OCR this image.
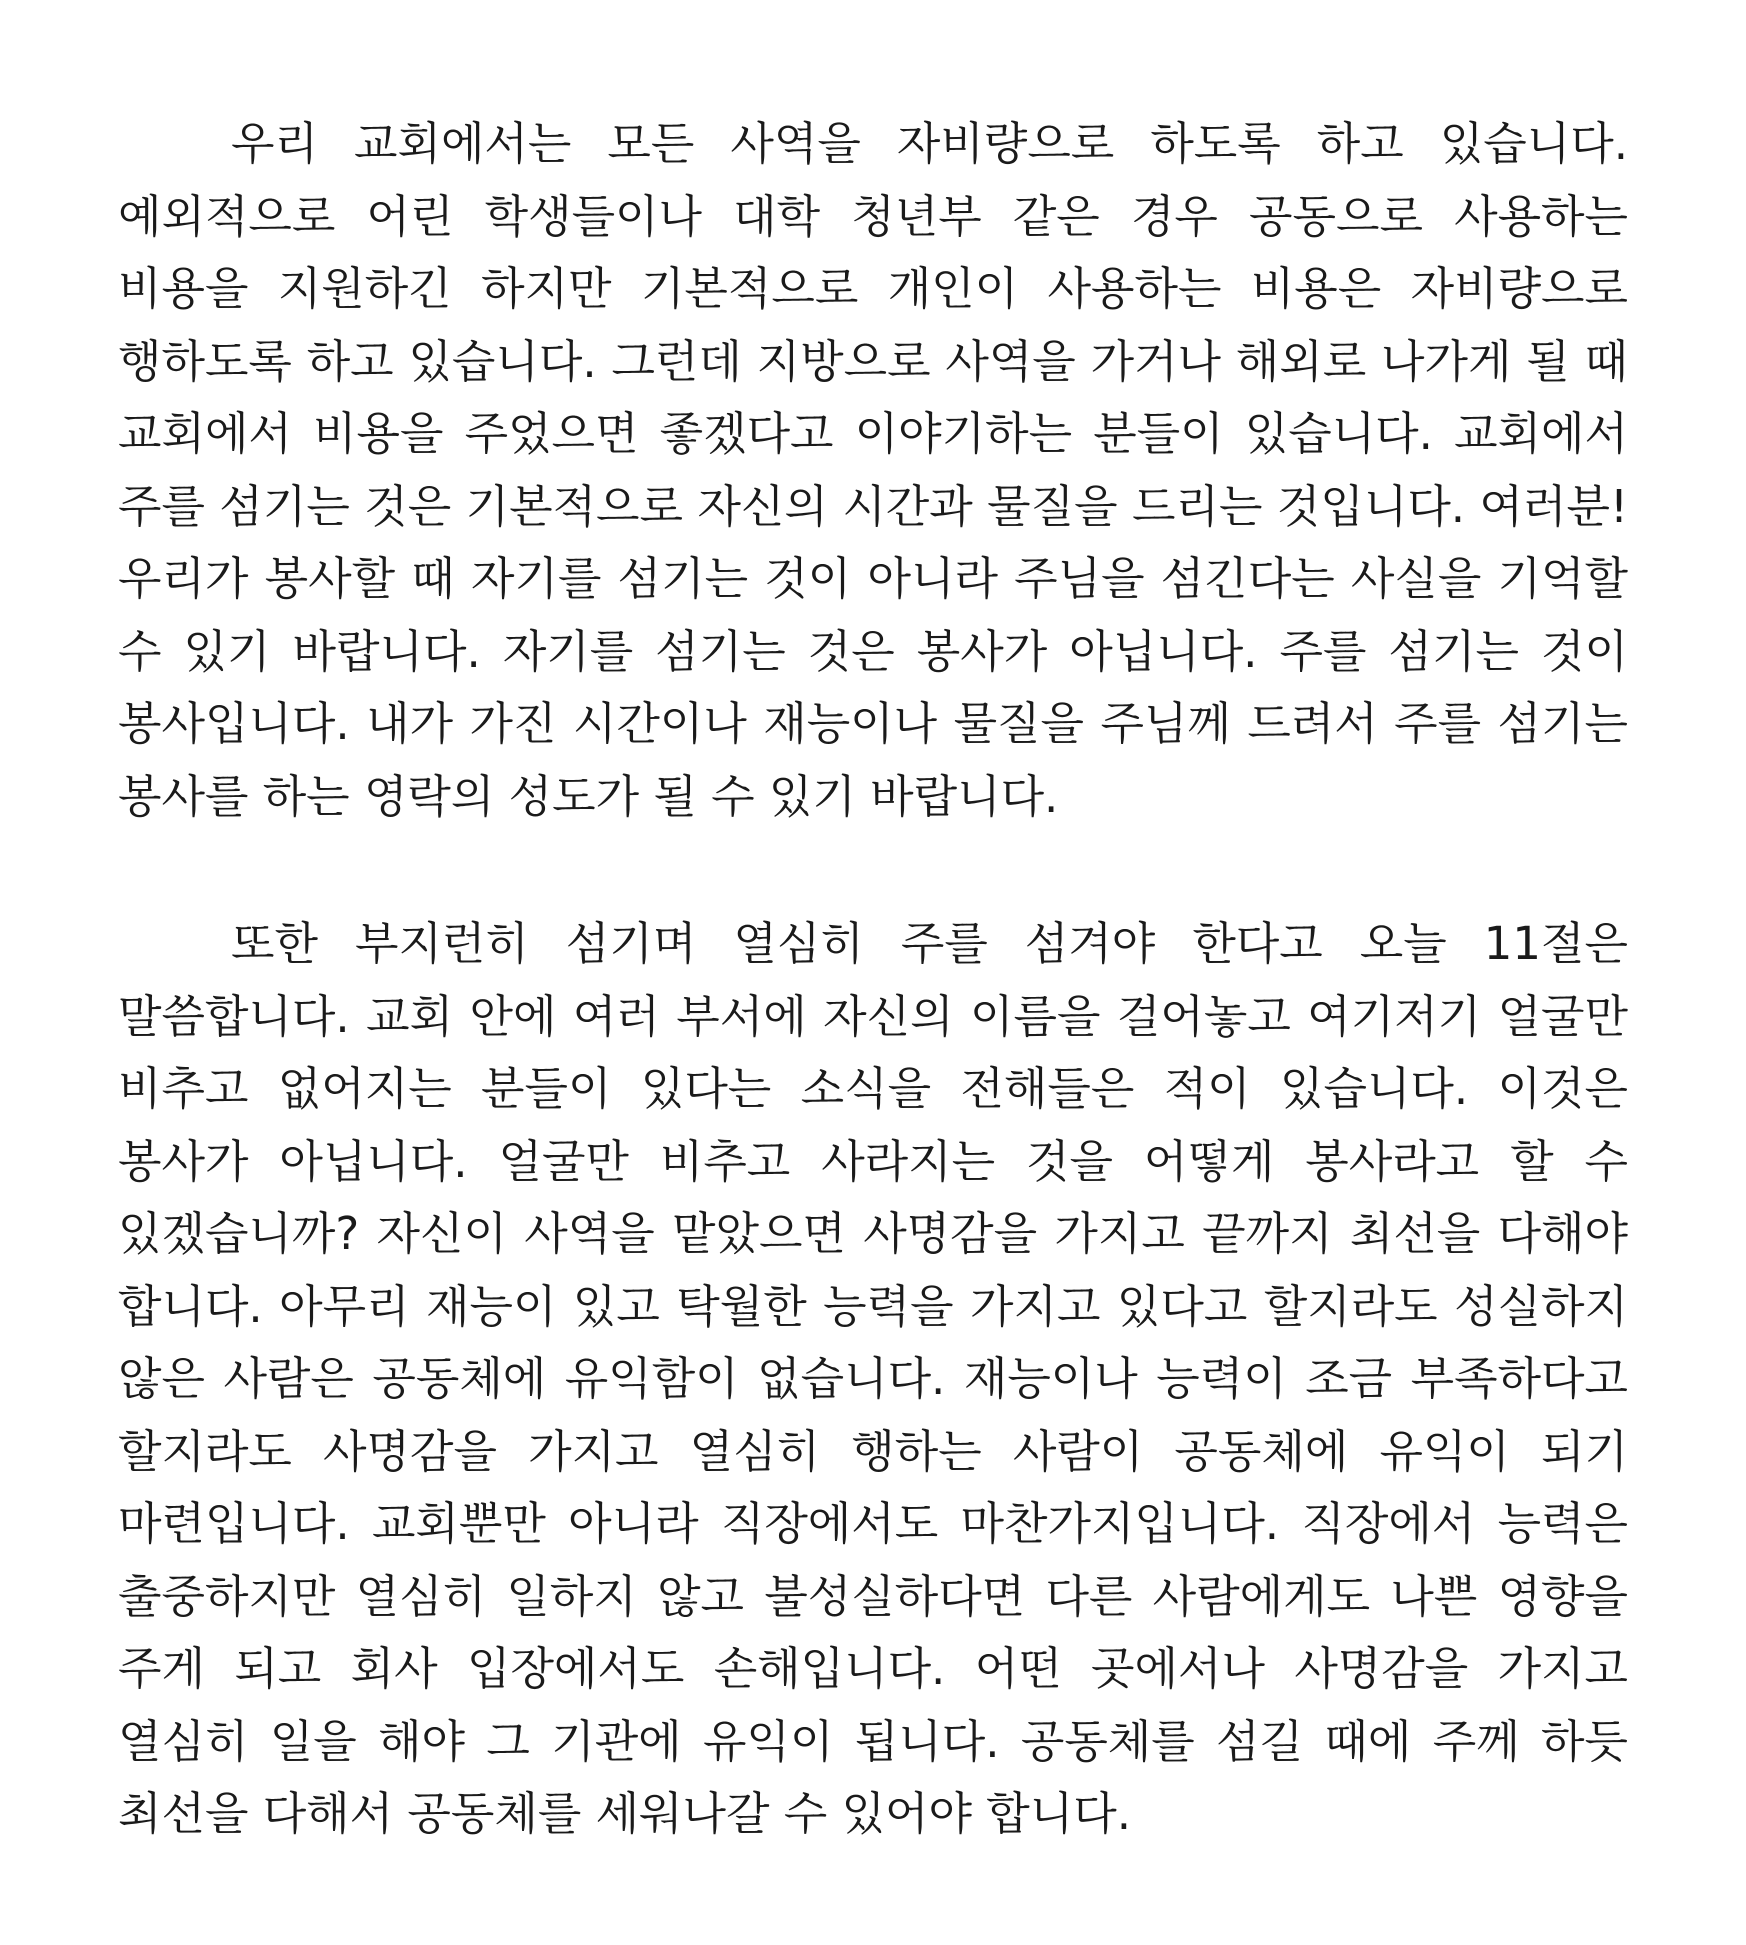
우리 교회에서는 모든 사역을 자비량으로 하도록 하고 있습니다. 예외적으로 어린 학생들이나 대학 청년부 같은 경우 공동으로 사용하는 비용을 지원하긴 하지만 기본적으로 개인이 사용하는 비용은 자비량으로 행하도록 하고 있습니다. 그런데 지방으로 사역을 가거나 해외로 나가게 될 때 교회에서 비용을 주었으면 좋겠다고 이야기하는 분들이 있습니다. 교회에서 주를 섬기는 것은 기본적으로 자신의 시간과 물질을 드리는 것입니다. 여러분! 우리가 봉사할 때 자기를 섬기는 것이 아니라 주님을 섬긴다는 사실을 기억할 수 있기 바랍니다. 자기를 섬기는 것은 봉사가 아닙니다. 주를 섬기는 것이 봉사입니다. 내가 가진 시간이나 재능이나 물질을 주님께 드려서 주를 섬기는 봉사를 하는 영락의 성도가 될 수 있기 바랍니다.

또한 부지런히 섬기며 열심히 주를 섬겨야 한다고 오늘 11절은 말씀합니다. 교회 안에 여러 부서에 자신의 이름을 걸어놓고 여기저기 얼굴만 비추고 없어지는 분들이 있다는 소식을 전해들은 적이 있습니다. 이것은 봉사가 아닙니다. 얼굴만 비추고 사라지는 것을 어떻게 봉사라고 할 수 있겠습니까? 자신이 사역을 맡았으면 사명감을 가지고 끝까지 최선을 다해야 합니다. 아무리 재능이 있고 탁월한 능력을 가지고 있다고 할지라도 성실하지 않은 사람은 공동체에 유익함이 없습니다. 재능이나 능력이 조금 부족하다고 할지라도 사명감을 가지고 열심히 행하는 사람이 공동체에 유익이 되기 마련입니다. 교회뿐만 아니라 직장에서도 마찬가지입니다. 직장에서 능력은 출중하지만 열심히 일하지 않고 불성실하다면 다른 사람에게도 나쁜 영향을 주게 되고 회사 입장에서도 손해입니다. 어떤 곳에서나 사명감을 가지고 열심히 일을 해야 그 기관에 유익이 됩니다. 공동체를 섬길 때에 주께 하듯 최선을 다해서 공동체를 세워나갈 수 있어야 합니다.
